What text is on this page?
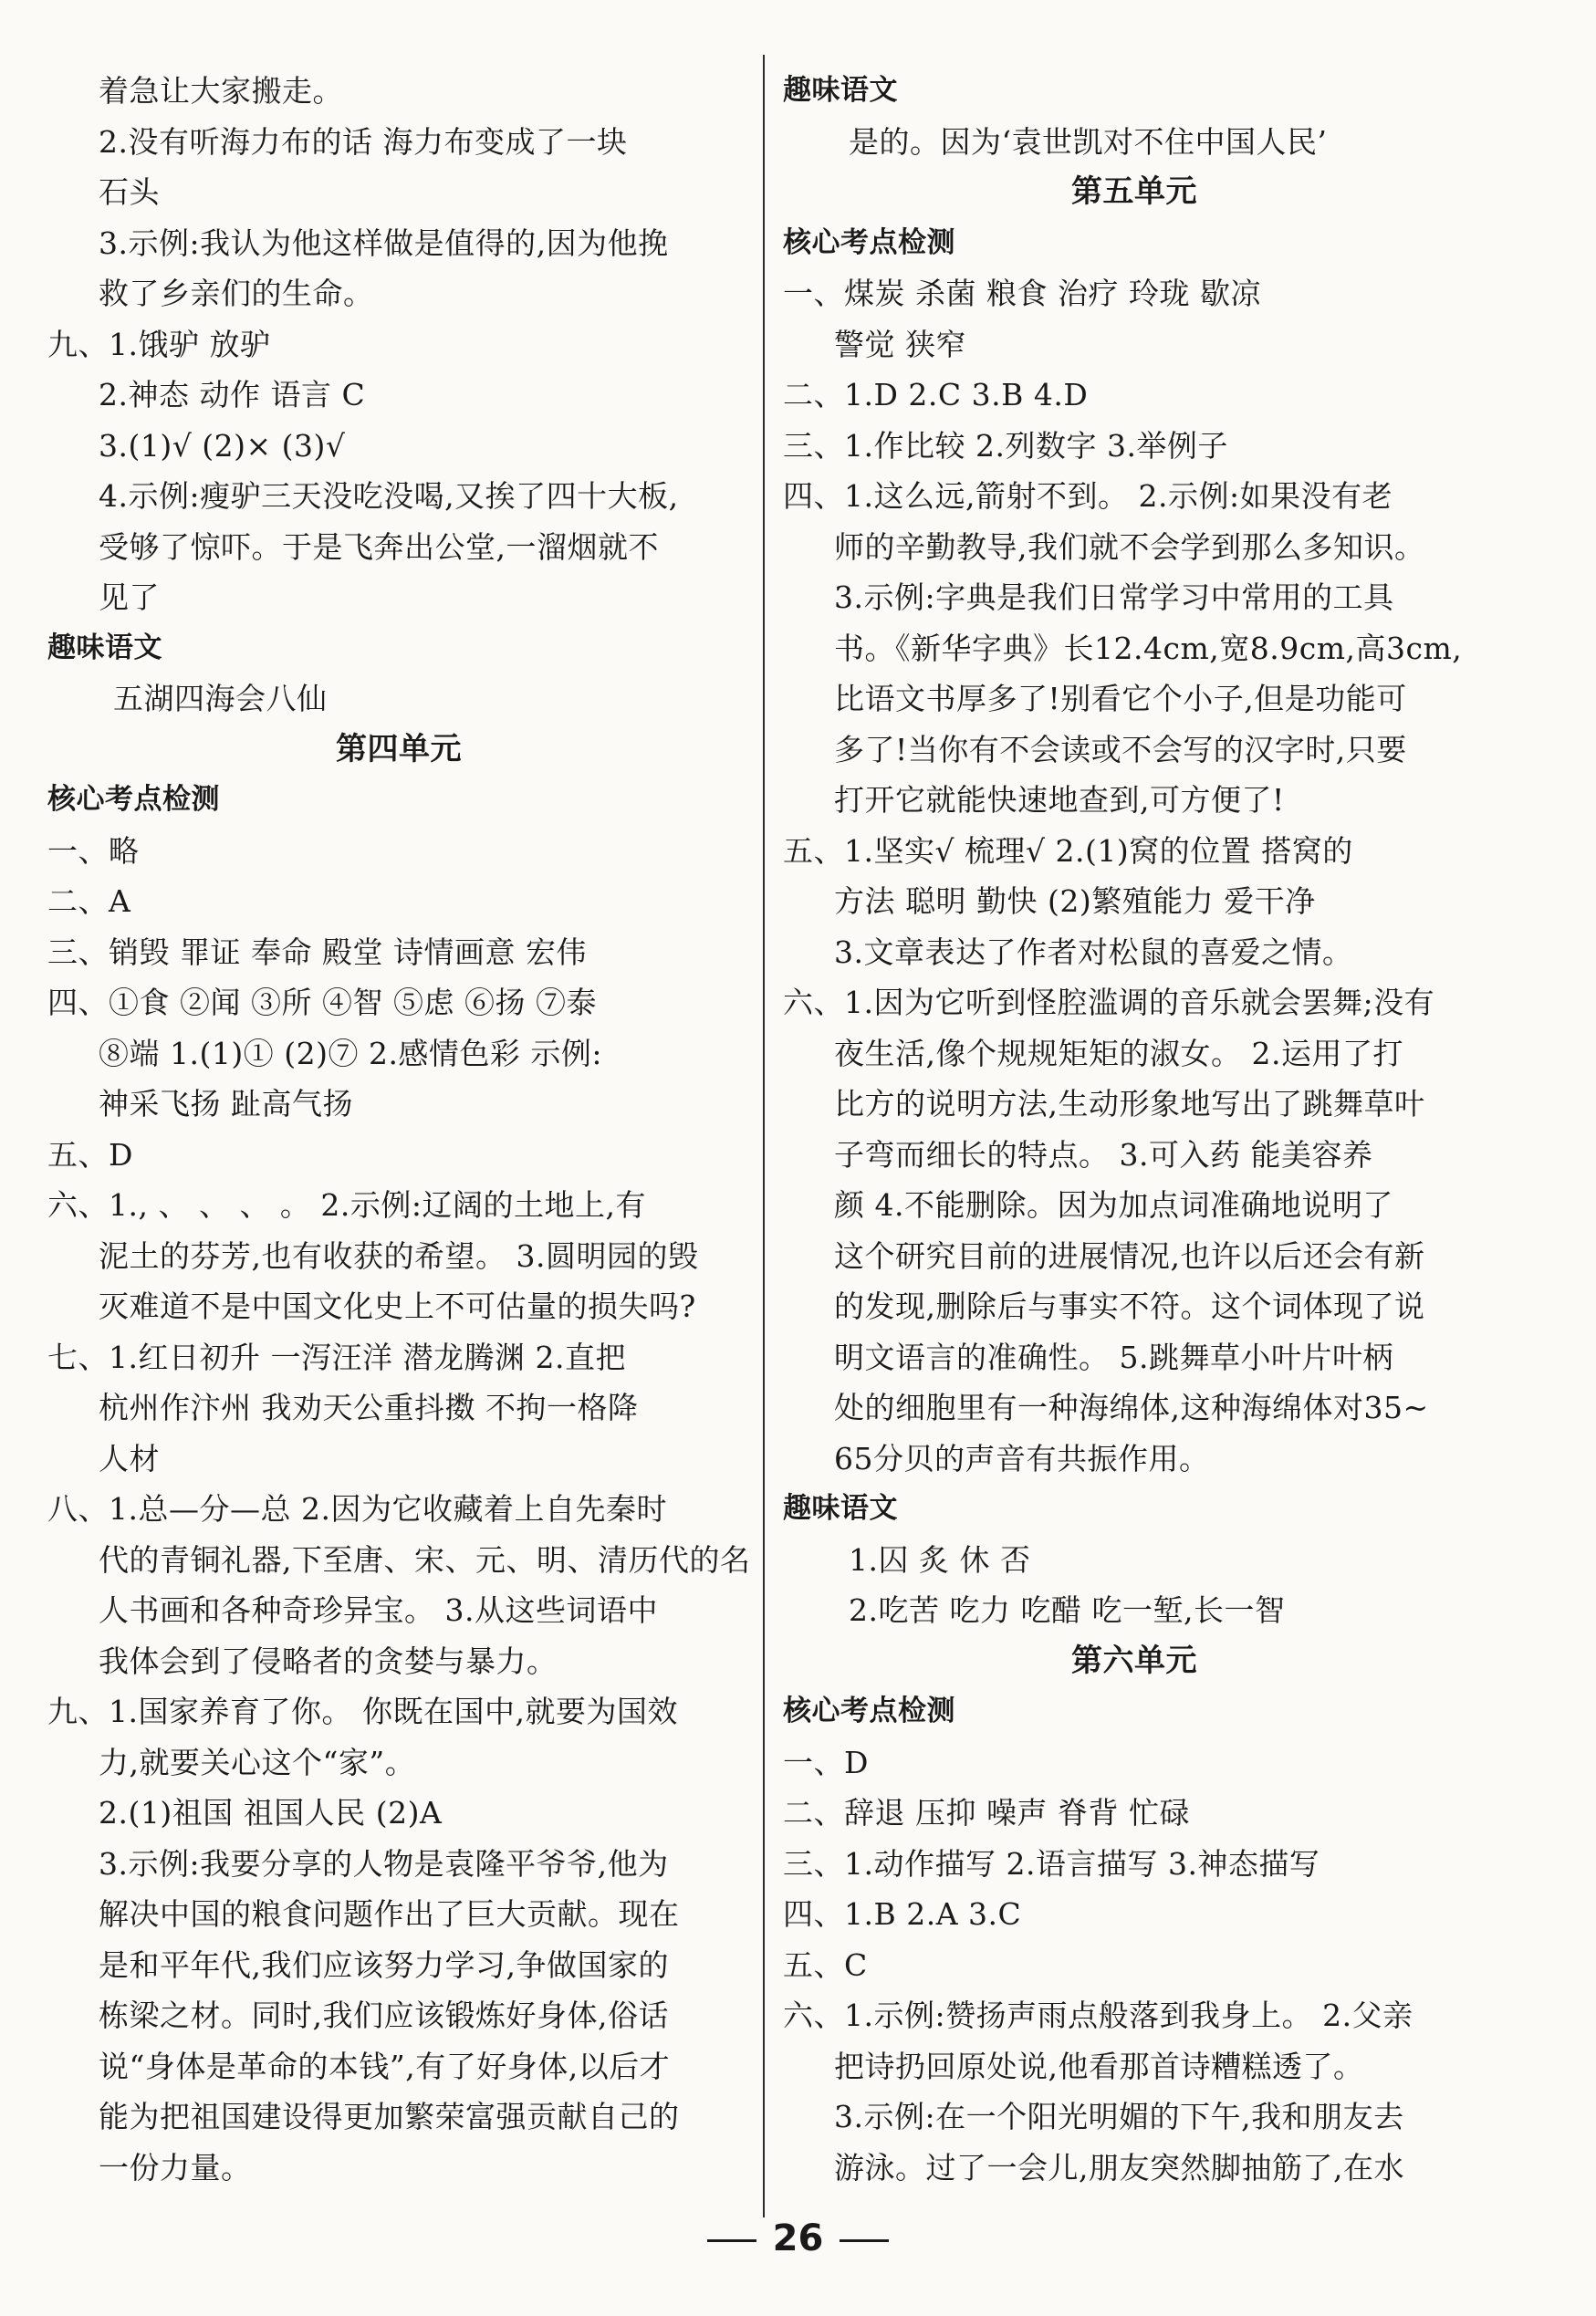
着急让大家搬走。
2.没有听海力布的话 海力布变成了一块
石头
3.示例:我认为他这样做是值得的,因为他挽
救了乡亲们的生命。
九、1.饿驴 放驴
2.神态 动作 语言 C
3.(1)√ (2)× (3)√
4.示例:瘦驴三天没吃没喝,又挨了四十大板,
受够了惊吓。于是飞奔出公堂,一溜烟就不
见了
趣味语文
五湖四海会八仙
第四单元
核心考点检测
一、略
二、A
三、销毁 罪证 奉命 殿堂 诗情画意 宏伟
四、①食 ②闻 ③所 ④智 ⑤虑 ⑥扬 ⑦泰
⑧端 1.(1)① (2)⑦ 2.感情色彩 示例:
神采飞扬 趾高气扬
五、D
六、1., 、 、 、 。 2.示例:辽阔的土地上,有
泥土的芬芳,也有收获的希望。 3.圆明园的毁
灭难道不是中国文化史上不可估量的损失吗?
七、1.红日初升 一泻汪洋 潜龙腾渊 2.直把
杭州作汴州 我劝天公重抖擞 不拘一格降
人材
八、1.总—分—总 2.因为它收藏着上自先秦时
代的青铜礼器,下至唐、宋、元、明、清历代的名
人书画和各种奇珍异宝。 3.从这些词语中
我体会到了侵略者的贪婪与暴力。
九、1.国家养育了你。 你既在国中,就要为国效
力,就要关心这个“家”。
2.(1)祖国 祖国人民 (2)A
3.示例:我要分享的人物是袁隆平爷爷,他为
解决中国的粮食问题作出了巨大贡献。现在
是和平年代,我们应该努力学习,争做国家的
栋梁之材。同时,我们应该锻炼好身体,俗话
说“身体是革命的本钱”,有了好身体,以后才
能为把祖国建设得更加繁荣富强贡献自己的
一份力量。
趣味语文
是的。因为‘袁世凯对不住中国人民’
第五单元
核心考点检测
一、煤炭 杀菌 粮食 治疗 玲珑 歇凉
警觉 狭窄
二、1.D 2.C 3.B 4.D
三、1.作比较 2.列数字 3.举例子
四、1.这么远,箭射不到。 2.示例:如果没有老
师的辛勤教导,我们就不会学到那么多知识。
3.示例:字典是我们日常学习中常用的工具
书。《新华字典》长12.4cm,宽8.9cm,高3cm,
比语文书厚多了!别看它个小子,但是功能可
多了!当你有不会读或不会写的汉字时,只要
打开它就能快速地查到,可方便了!
五、1.坚实√ 梳理√ 2.(1)窝的位置 搭窝的
方法 聪明 勤快 (2)繁殖能力 爱干净
3.文章表达了作者对松鼠的喜爱之情。
六、1.因为它听到怪腔滥调的音乐就会罢舞;没有
夜生活,像个规规矩矩的淑女。 2.运用了打
比方的说明方法,生动形象地写出了跳舞草叶
子弯而细长的特点。 3.可入药 能美容养
颜 4.不能删除。因为加点词准确地说明了
这个研究目前的进展情况,也许以后还会有新
的发现,删除后与事实不符。这个词体现了说
明文语言的准确性。 5.跳舞草小叶片叶柄
处的细胞里有一种海绵体,这种海绵体对35~
65分贝的声音有共振作用。
趣味语文
1.囚 炙 休 否
2.吃苦 吃力 吃醋 吃一堑,长一智
第六单元
核心考点检测
一、D
二、辞退 压抑 噪声 脊背 忙碌
三、1.动作描写 2.语言描写 3.神态描写
四、1.B 2.A 3.C
五、C
六、1.示例:赞扬声雨点般落到我身上。 2.父亲
把诗扔回原处说,他看那首诗糟糕透了。
3.示例:在一个阳光明媚的下午,我和朋友去
游泳。过了一会儿,朋友突然脚抽筋了,在水
26
